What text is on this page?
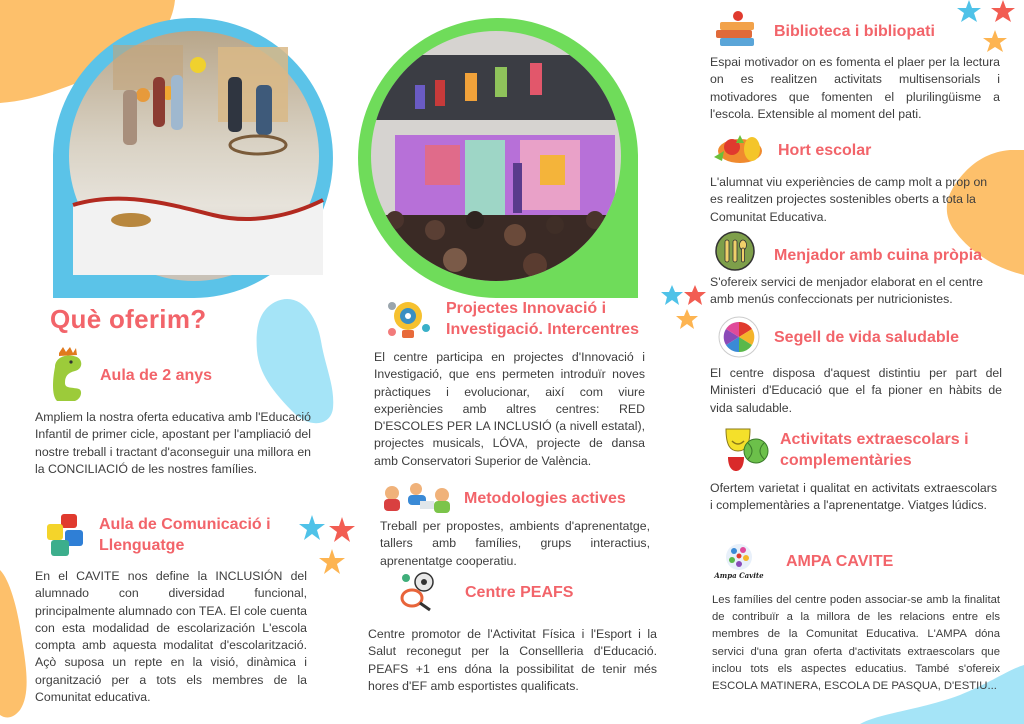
Què oferim?
Aula de 2 anys

Ampliem la nostra oferta educativa amb l'Educació Infantil de primer cicle, apostant per l'ampliació del nostre treball i tractant d'aconseguir una millora en la CONCILIACIÓ de les nostres famílies.

Aula de Comunicació i Llenguatge

En el CAVITE nos define la INCLUSIÓN del alumnado con diversidad funcional, principalmente alumnado con TEA. El cole cuenta con esta modalidad de escolarización L'escola compta amb aquesta modalitat d'escolarització. Açò suposa un repte en la visió, dinàmica i organització per a tots els membres de la Comunitat educativa.

Projectes Innovació i Investigació. Intercentres

El centre participa en projectes d'Innovació i Investigació, que ens permeten introduïr noves pràctiques i evolucionar, així com viure experiències amb altres centres: RED D'ESCOLES PER LA INCLUSIÓ (a nivell estatal), projectes musicals, LÓVA, projecte de dansa amb Conservatori Superior de València.

Metodologies actives

Treball per propostes, ambients d'aprenentatge, tallers amb famílies, grups interactius, aprenentatge cooperatiu.

Centre PEAFS

Centre promotor de l'Activitat Física i l'Esport i la Salut reconegut per la Consellleria d'Educació. PEAFS +1 ens dóna la possibilitat de tenir més hores d'EF amb esportistes qualificats.

Biblioteca i bibliopati

Espai motivador on es fomenta el plaer per la lectura on es realitzen activitats multisensorials i motivadores que fomenten el plurilingüisme a l'escola. Extensible al moment del pati.

Hort escolar

L'alumnat viu experiències de camp molt a prop on es realitzen projectes sostenibles oberts a tota la Comunitat Educativa.

Menjador amb cuina pròpia

S'ofereix servici de menjador elaborat en el centre amb menús confeccionats per nutricionistes.

Segell de vida saludable

El centre disposa d'aquest distintiu per part del Ministeri d'Educació que el fa pioner en hàbits de vida saludable.

Activitats extraescolars i complementàries

Ofertem varietat i qualitat en activitats extraescolars i complementàries a l'aprenentatge. Viatges lúdics.

Ampa Cavite
AMPA CAVITE

Les famílies del centre poden associar-se amb la finalitat de contribuïr a la millora de les relacions entre els membres de la Comunitat Educativa. L'AMPA dóna servici d'una gran oferta d'activitats extraescolars que inclou tots els aspectes educatius. També s'ofereix ESCOLA MATINERA, ESCOLA DE PASQUA, D'ESTIU...
